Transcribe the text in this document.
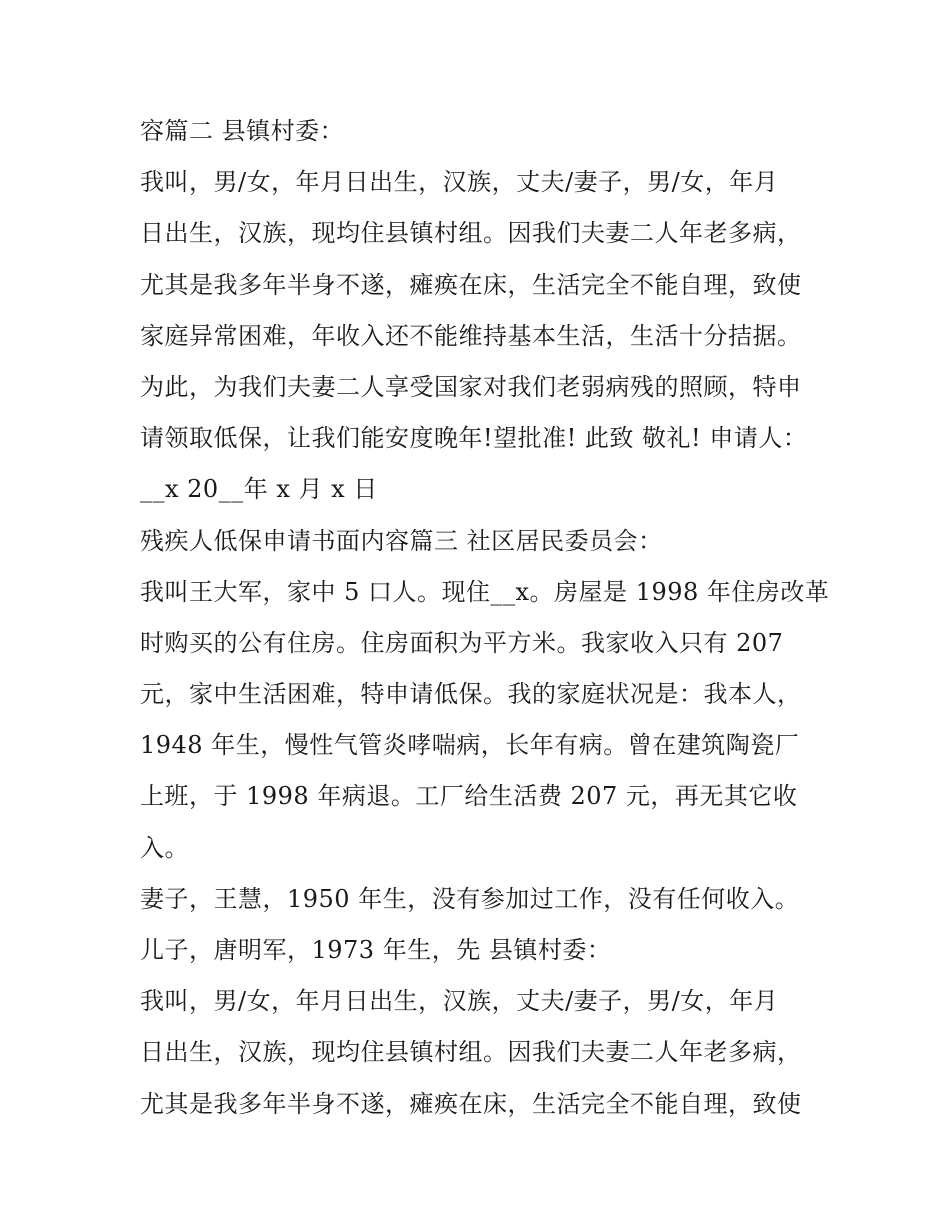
容篇二 县镇村委：
我叫，男/女，年月日出生，汉族，丈夫/妻子，男/女，年月
日出生，汉族，现均住县镇村组。因我们夫妻二人年老多病，
尤其是我多年半身不遂，瘫痪在床，生活完全不能自理，致使
家庭异常困难，年收入还不能维持基本生活，生活十分拮据。
为此，为我们夫妻二人享受国家对我们老弱病残的照顾，特申
请领取低保，让我们能安度晚年!望批准! 此致 敬礼! 申请人：
__x 20__年 x 月 x 日
残疾人低保申请书面内容篇三 社区居民委员会：
我叫王大军，家中 5 口人。现住__x。房屋是 1998 年住房改革
时购买的公有住房。住房面积为平方米。我家收入只有 207
元，家中生活困难，特申请低保。我的家庭状况是：我本人，
1948 年生，慢性气管炎哮喘病，长年有病。曾在建筑陶瓷厂
上班，于 1998 年病退。工厂给生活费 207 元，再无其它收
入。
妻子，王慧，1950 年生，没有参加过工作，没有任何收入。
儿子，唐明军，1973 年生，先 县镇村委：
我叫，男/女，年月日出生，汉族，丈夫/妻子，男/女，年月
日出生，汉族，现均住县镇村组。因我们夫妻二人年老多病，
尤其是我多年半身不遂，瘫痪在床，生活完全不能自理，致使
